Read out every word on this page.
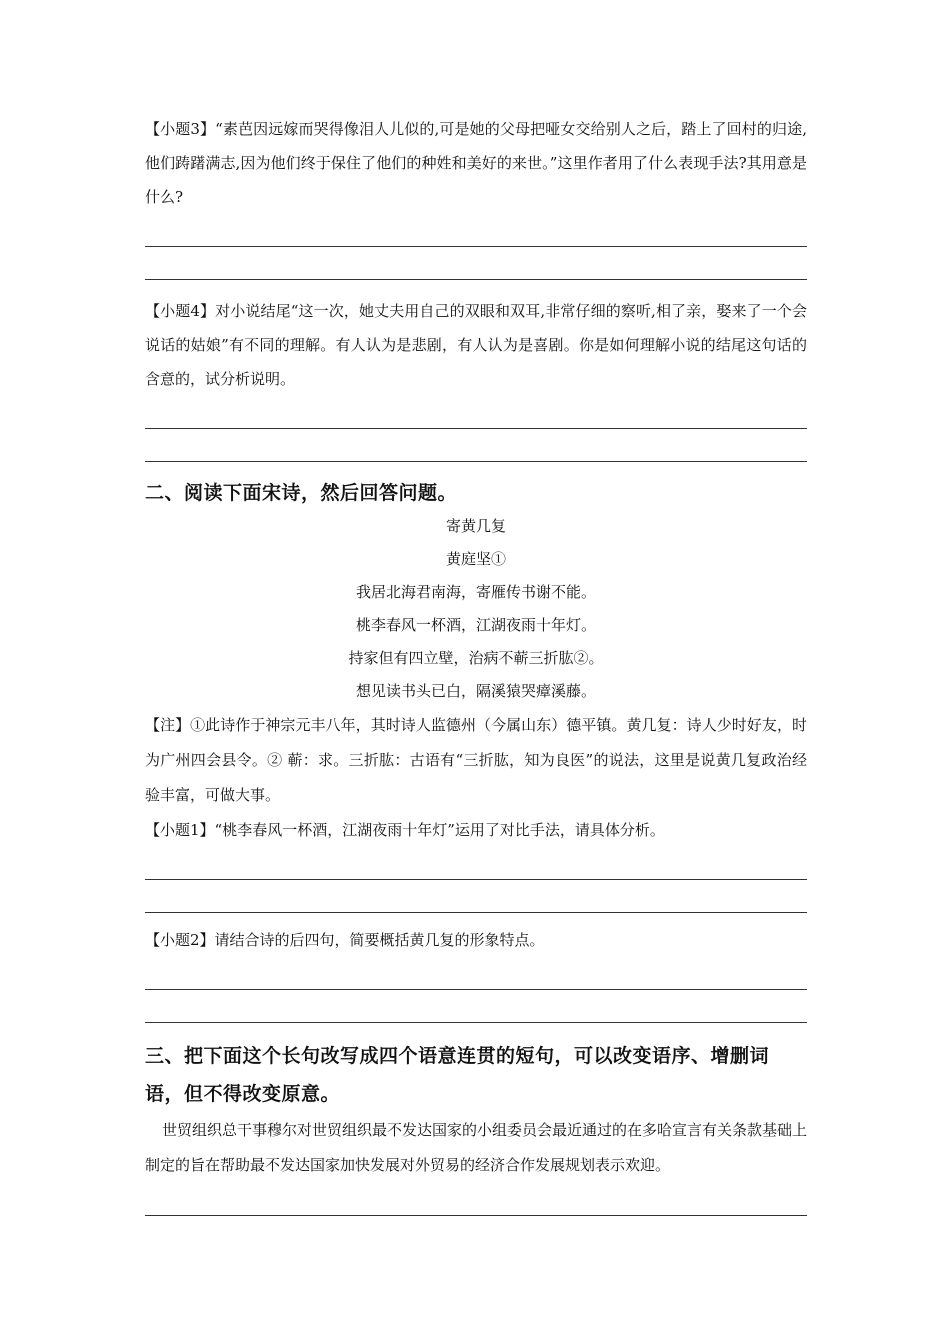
【小题3】“素芭因远嫁而哭得像泪人儿似的,可是她的父母把哑女交给别人之后，踏上了回村的归途, 他们踌躇满志,因为他们终于保住了他们的种姓和美好的来世。”这里作者用了什么表现手法?其用意是什么?

【小题4】对小说结尾“这一次，她丈夫用自己的双眼和双耳,非常仔细的察听,相了亲，娶来了一个会说话的姑娘”有不同的理解。有人认为是悲剧，有人认为是喜剧。你是如何理解小说的结尾这句话的含意的，试分析说明。

二、阅读下面宋诗，然后回答问题。

寄黄几复

黄庭坚①

我居北海君南海，寄雁传书谢不能。

桃李春风一杯酒，江湖夜雨十年灯。

持家但有四立壁，治病不蕲三折肱②。

想见读书头已白，隔溪猿哭瘴溪藤。

【注】①此诗作于神宗元丰八年，其时诗人监德州（今属山东）德平镇。黄几复：诗人少时好友，时为广州四会县令。② 蕲：求。三折肱：古语有“三折肱，知为良医”的说法，这里是说黄几复政治经验丰富，可做大事。

【小题1】“桃李春风一杯酒，江湖夜雨十年灯”运用了对比手法，请具体分析。

【小题2】请结合诗的后四句，简要概括黄几复的形象特点。

三、把下面这个长句改写成四个语意连贯的短句，可以改变语序、增删词语，但不得改变原意。

世贸组织总干事穆尔对世贸组织最不发达国家的小组委员会最近通过的在多哈宣言有关条款基础上制定的旨在帮助最不发达国家加快发展对外贸易的经济合作发展规划表示欢迎。
